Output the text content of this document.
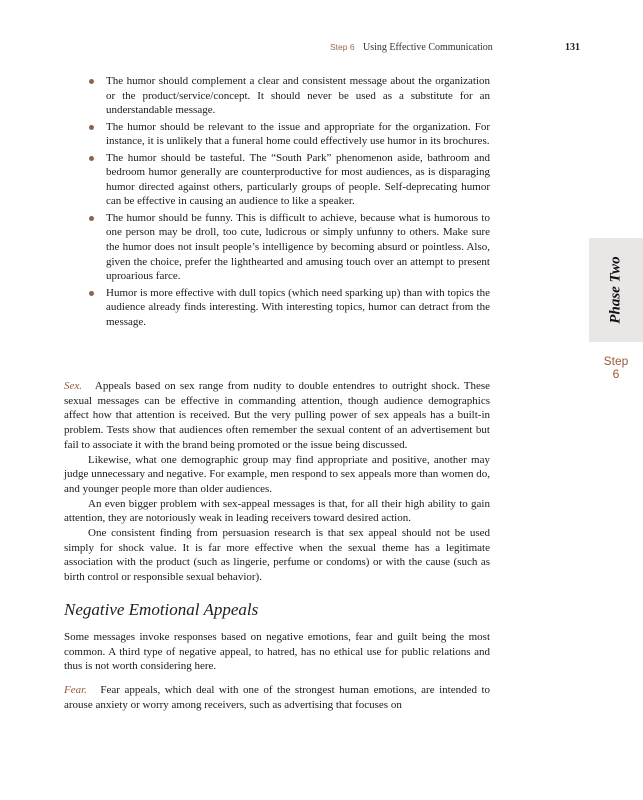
Step 6 Using Effective Communication	131
The humor should complement a clear and consistent message about the organization or the product/service/concept. It should never be used as a substitute for an understandable message.
The humor should be relevant to the issue and appropriate for the organization. For instance, it is unlikely that a funeral home could effectively use humor in its brochures.
The humor should be tasteful. The “South Park” phenomenon aside, bathroom and bedroom humor generally are counterproductive for most audiences, as is disparaging humor directed against others, particularly groups of people. Self-deprecating humor can be effective in causing an audience to like a speaker.
The humor should be funny. This is difficult to achieve, because what is humorous to one person may be droll, too cute, ludicrous or simply unfunny to others. Make sure the humor does not insult people’s intelligence by becoming absurd or pointless. Also, given the choice, prefer the lighthearted and amusing touch over an attempt to present uproarious farce.
Humor is more effective with dull topics (which need sparking up) than with topics the audience already finds interesting. With interesting topics, humor can detract from the message.

Sex. Appeals based on sex range from nudity to double entendres to outright shock. These sexual messages can be effective in commanding attention, though audience demographics affect how that attention is received. But the very pulling power of sex appeals has a built-in problem. Tests show that audiences often remember the sexual content of an advertisement but fail to associate it with the brand being promoted or the issue being discussed.

Likewise, what one demographic group may find appropriate and positive, another may judge unnecessary and negative. For example, men respond to sex appeals more than women do, and younger people more than older audiences.

An even bigger problem with sex-appeal messages is that, for all their high ability to gain attention, they are notoriously weak in leading receivers toward desired action.

One consistent finding from persuasion research is that sex appeal should not be used simply for shock value. It is far more effective when the sexual theme has a legitimate association with the product (such as lingerie, perfume or condoms) or with the cause (such as birth control or responsible sexual behavior).

Negative Emotional Appeals

Some messages invoke responses based on negative emotions, fear and guilt being the most common. A third type of negative appeal, to hatred, has no ethical use for public relations and thus is not worth considering here.

Fear. Fear appeals, which deal with one of the strongest human emotions, are intended to arouse anxiety or worry among receivers, such as advertising that focuses on

Phase Two
Step
6
